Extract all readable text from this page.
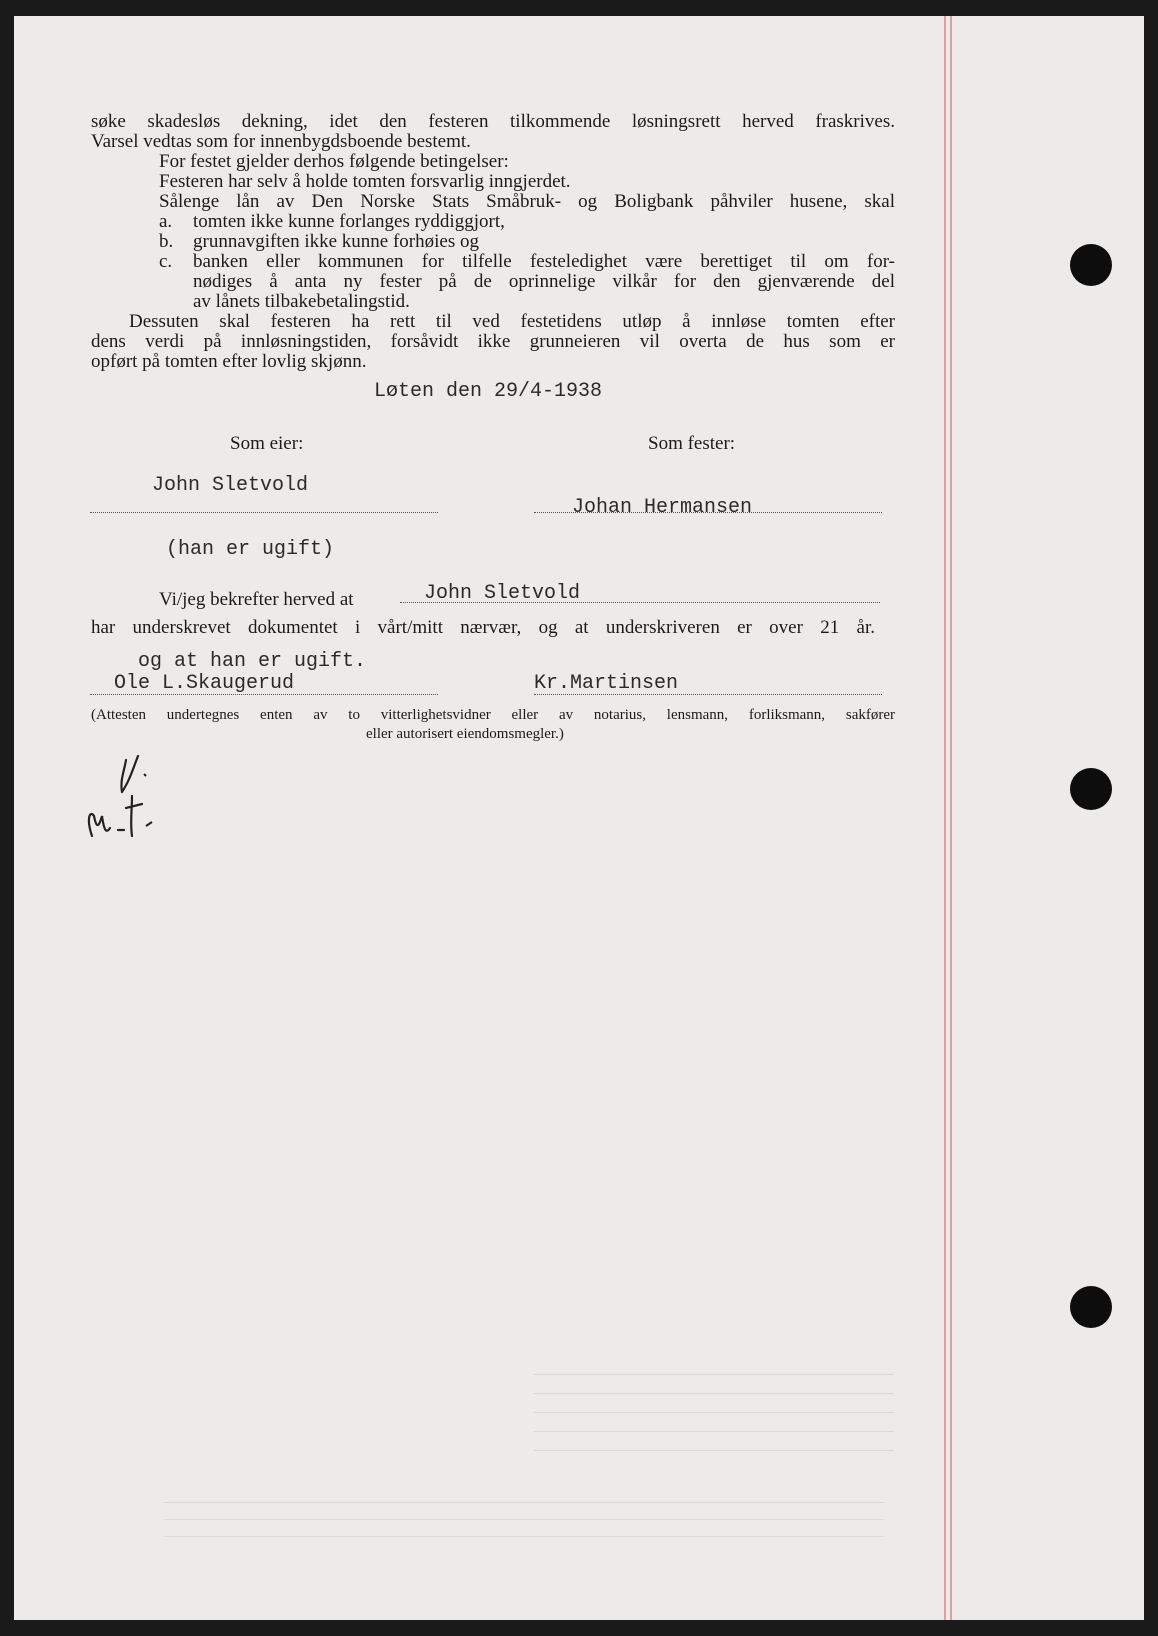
søke skadesløs dekning, idet den festeren tilkommende løsningsrett herved fraskrives.
Varsel vedtas som for innenbygdsboende bestemt.
For festet gjelder derhos følgende betingelser:
Festeren har selv å holde tomten forsvarlig inngjerdet.
Sålenge lån av Den Norske Stats Småbruk- og Boligbank påhviler husene, skal
a. tomten ikke kunne forlanges ryddiggjort,
b. grunnavgiften ikke kunne forhøies og
c. banken eller kommunen for tilfelle festeledighet være berettiget til om for-
nødiges å anta ny fester på de oprinnelige vilkår for den gjenværende del
av lånets tilbakebetalingstid.
Dessuten skal festeren ha rett til ved festetidens utløp å innløse tomten efter
dens verdi på innløsningstiden, forsåvidt ikke grunneieren vil overta de hus som er
opført på tomten efter lovlig skjønn.
Løten den 29/4-1938
Som eier:	Som fester:
John Sletvold
Johan Hermansen
(han er ugift)
Vi/jeg bekrefter herved at	John Sletvold
har underskrevet dokumentet i vårt/mitt nærvær, og at underskriveren er over 21 år.
og at han er ugift.
Ole L.Skaugerud	Kr.Martinsen
(Attesten undertegnes enten av to vitterlighetsvidner eller av notarius, lensmann, forliksmann, sakfører
eller autorisert eiendomsmegler.)
